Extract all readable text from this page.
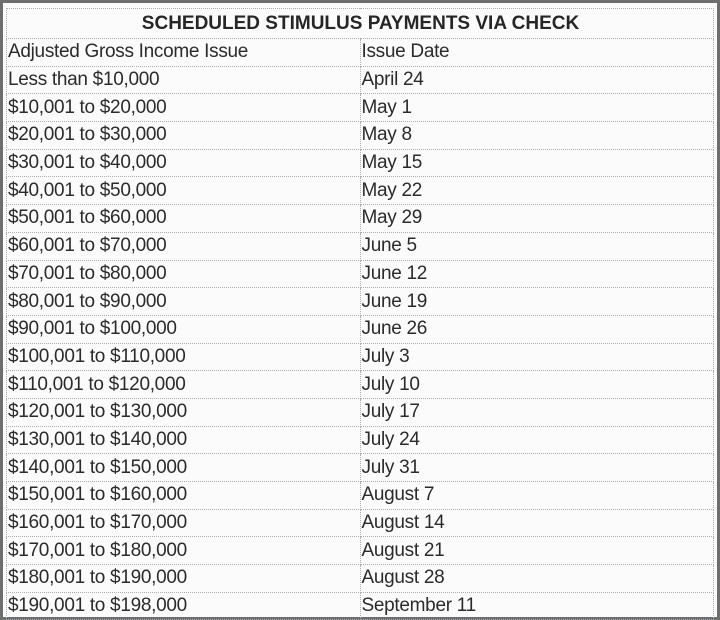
SCHEDULED STIMULUS PAYMENTS VIA CHECK	
Adjusted Gross Income Issue	Issue Date
Less than $10,000	April 24
$10,001 to $20,000	May 1
$20,001 to $30,000	May 8
$30,001 to $40,000	May 15
$40,001 to $50,000	May 22
$50,001 to $60,000	May 29
$60,001 to $70,000	June 5
$70,001 to $80,000	June 12
$80,001 to $90,000	June 19
$90,001 to $100,000	June 26
$100,001 to $110,000	July 3
$110,001 to $120,000	July 10
$120,001 to $130,000	July 17
$130,001 to $140,000	July 24
$140,001 to $150,000	July 31
$150,001 to $160,000	August 7
$160,001 to $170,000	August 14
$170,001 to $180,000	August 21
$180,001 to $190,000	August 28
$190,001 to $198,000	September 11
